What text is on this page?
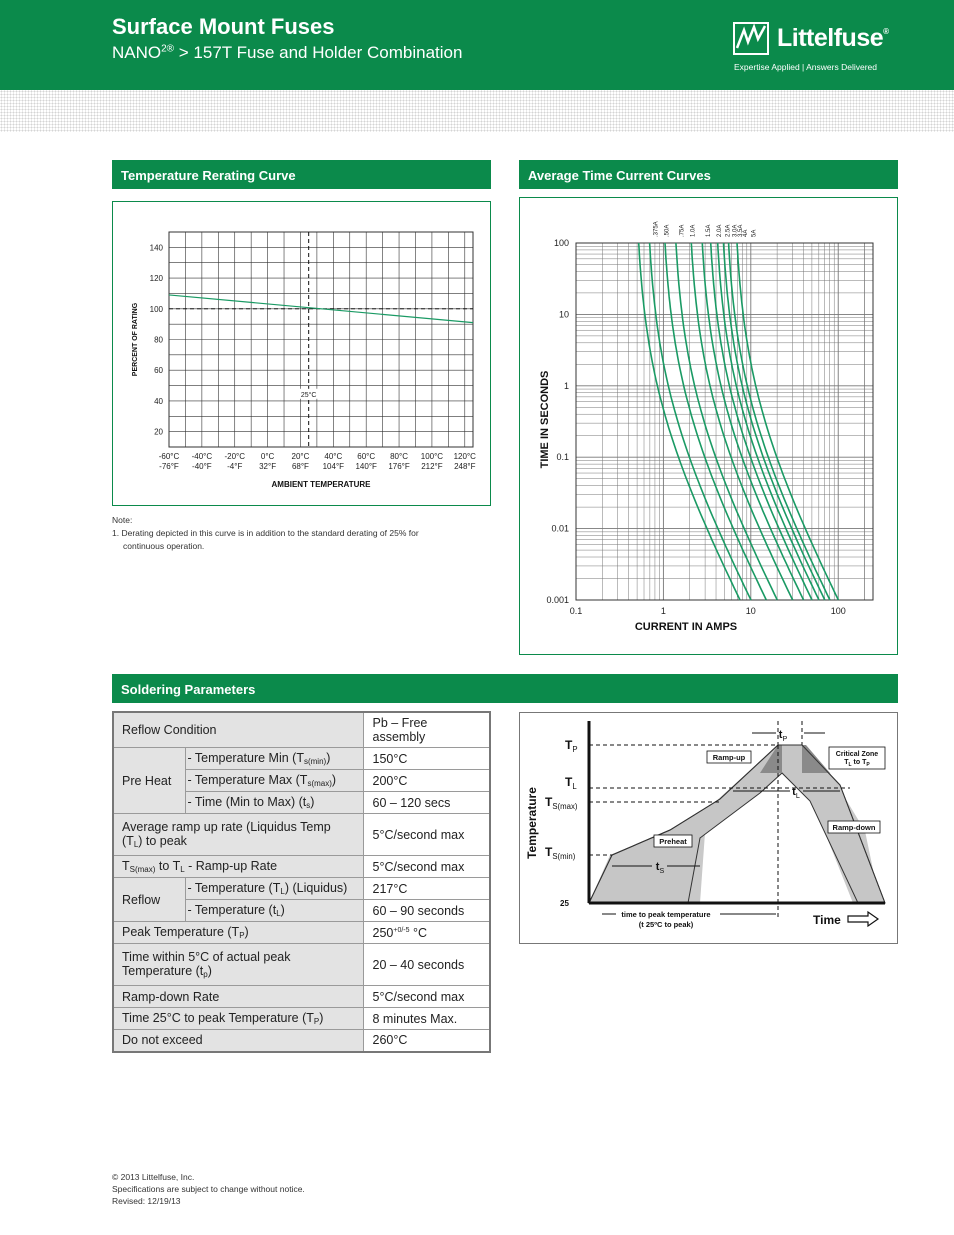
Surface Mount Fuses
$NANO^{2®} > 157T$ Fuse and Holder Combination
Littelfuse®
Expertise Applied | Answers Delivered
Temperature Rerating Curve	Average Time Current Curves
Soldering Parameters
20
40
60
80
100
120
140
-60°C
-76°F
-40°C
-40°F
-20°C
-4°F
0°C
32°F
20°C
68°F
40°C
104°F
60°C
140°F
80°C
176°F
100°C
212°F
120°C
248°F
25°C
AMBIENT TEMPERATURE
PERCENT OF RATING
Note:
1. Derating depicted in this curve is in addition to the standard derating of 25% for
continuous operation.
100
10
1
0.1
0.01
0.001
0.1	1	10	100
CURRENT IN AMPS
TIME IN SECONDS
.375A .50A .75A 1.0A 1.5A 2.0A 2.5A 3.0A 3.5A 4A 5A
Reflow Condition		Pb – Free assembly
Pre Heat	- Temperature Min $(T_{s(min)})$	150°C
	- Temperature Max $(T_{s(max)})$	200°C
	- Time (Min to Max) $(t_s)$	60 – 120 secs
Average ramp up rate (Liquidus Temp $(T_L)$ to peak		5°C/second max
$T_{S(max)}$ to $T_L$ - Ramp-up Rate		5°C/second max
Reflow	- Temperature $(T_L)$ (Liquidus)	217°C
	- Temperature $(t_L)$	60 – 90 seconds
Peak Temperature $(T_P)$		$250^{+0/-5}$ °C
Time within 5°C of actual peak Temperature $(t_p)$		20 – 40 seconds
Ramp-down Rate		5°C/second max
Time 25°C to peak Temperature $(T_P)$		8 minutes Max.
Do not exceed		260°C
$T_P$
$T_L$
$T_{S(max)}$
$T_{S(min)}$
25
$t_P$
$t_L$
$t_S$
Temperature
Time
Ramp-up
Ramp-down
Preheat
Critical Zone
$T_L$ to $T_P$
time to peak temperature
(t 25ºC to peak)
© 2013 Littelfuse, Inc.
Specifications are subject to change without notice.
Revised: 12/19/13
